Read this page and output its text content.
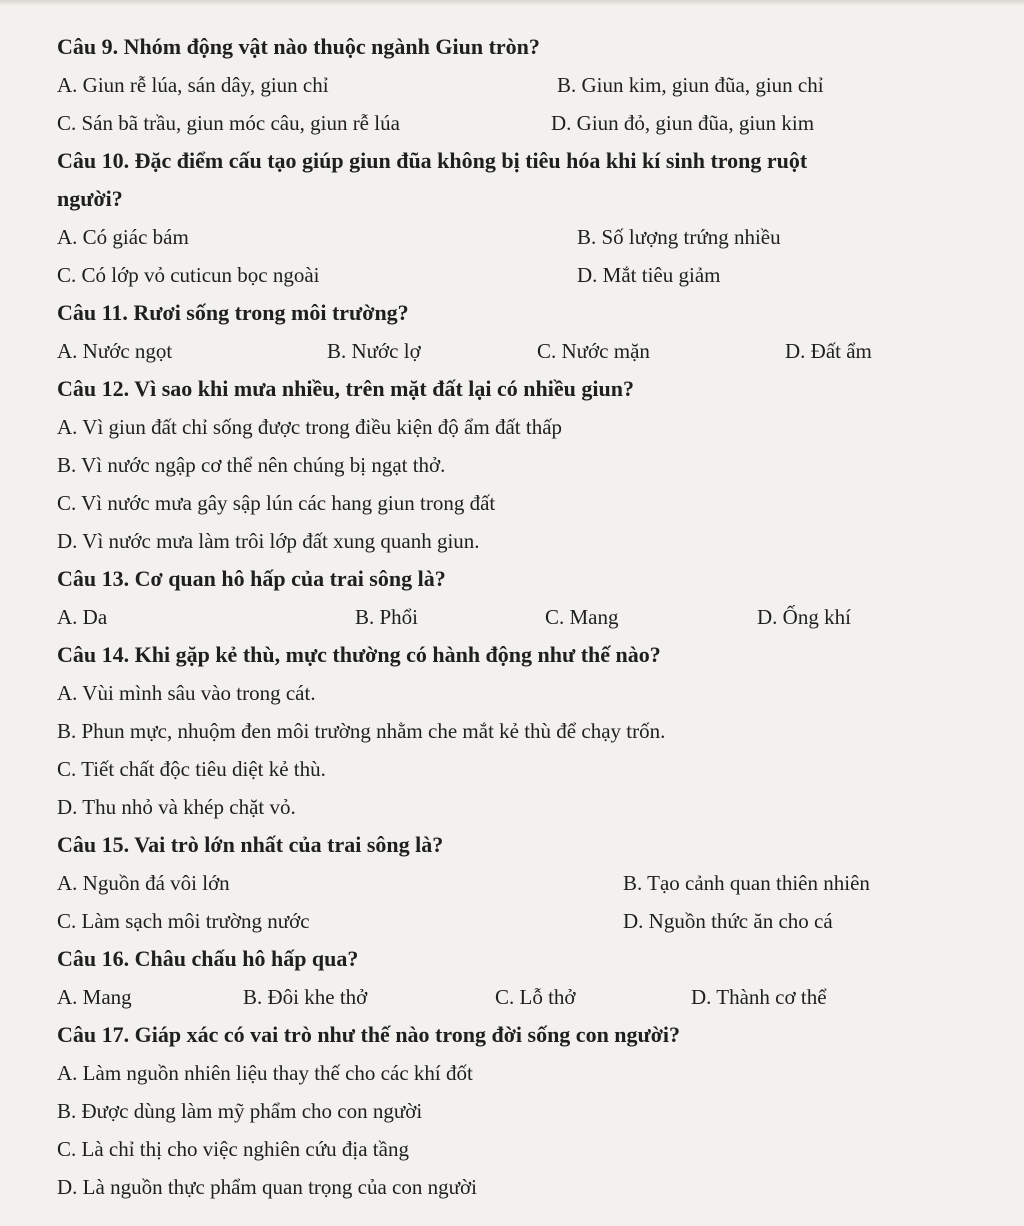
Câu 9. Nhóm động vật nào thuộc ngành Giun tròn?

A. Giun rễ lúa, sán dây, giun chỉ	B. Giun kim, giun đũa, giun chỉ
C. Sán bã trầu, giun móc câu, giun rễ lúa	D. Giun đỏ, giun đũa, giun kim

Câu 10. Đặc điểm cấu tạo giúp giun đũa không bị tiêu hóa khi kí sinh trong ruột

người?

A. Có giác bám	B. Số lượng trứng nhiều
C. Có lớp vỏ cuticun bọc ngoài	D. Mắt tiêu giảm

Câu 11. Rươi sống trong môi trường?

A. Nước ngọt	B. Nước lợ	C. Nước mặn	D. Đất ẩm

Câu 12. Vì sao khi mưa nhiều, trên mặt đất lại có nhiều giun?

A. Vì giun đất chỉ sống được trong điều kiện độ ẩm đất thấp
B. Vì nước ngập cơ thể nên chúng bị ngạt thở.
C. Vì nước mưa gây sập lún các hang giun trong đất
D. Vì nước mưa làm trôi lớp đất xung quanh giun.

Câu 13. Cơ quan hô hấp của trai sông là?

A. Da	B. Phổi	C. Mang	D. Ống khí

Câu 14. Khi gặp kẻ thù, mực thường có hành động như thế nào?

A. Vùi mình sâu vào trong cát.
B. Phun mực, nhuộm đen môi trường nhằm che mắt kẻ thù để chạy trốn.
C. Tiết chất độc tiêu diệt kẻ thù.
D. Thu nhỏ và khép chặt vỏ.

Câu 15. Vai trò lớn nhất của trai sông là?

A. Nguồn đá vôi lớn	B. Tạo cảnh quan thiên nhiên
C. Làm sạch môi trường nước	D. Nguồn thức ăn cho cá

Câu 16. Châu chấu hô hấp qua?

A. Mang	B. Đôi khe thở	C. Lỗ thở	D. Thành cơ thể

Câu 17. Giáp xác có vai trò như thế nào trong đời sống con người?

A. Làm nguồn nhiên liệu thay thế cho các khí đốt
B. Được dùng làm mỹ phẩm cho con người
C. Là chỉ thị cho việc nghiên cứu địa tầng
D. Là nguồn thực phẩm quan trọng của con người
